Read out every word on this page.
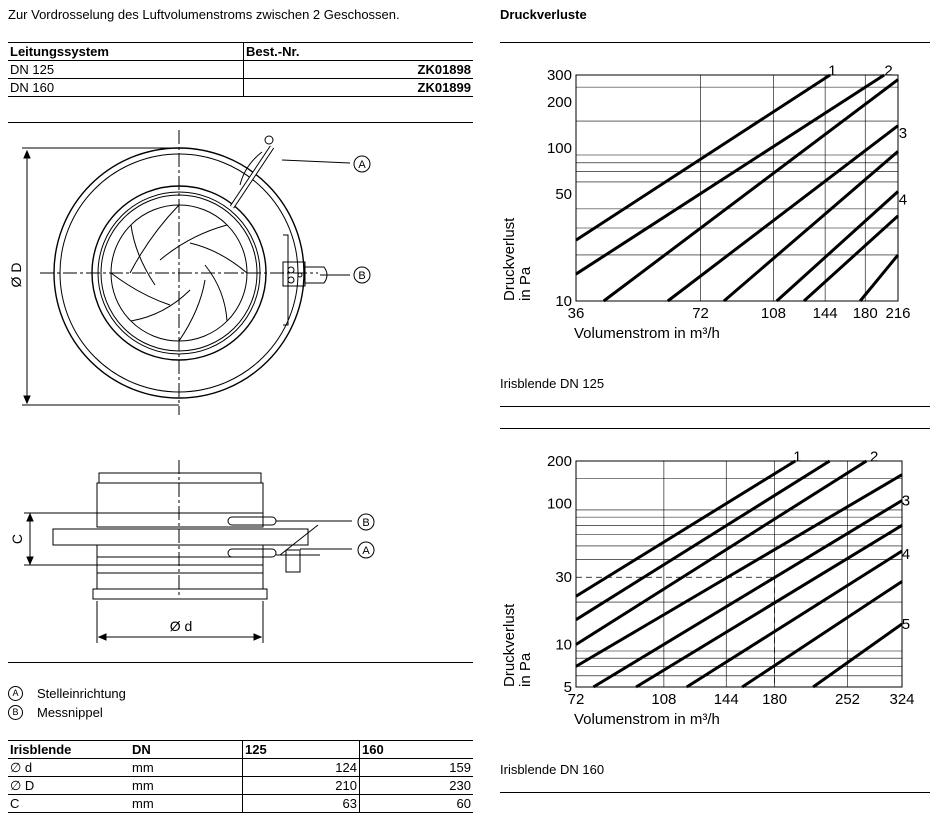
Zur Vordrosselung des Luftvolumenstroms zwischen 2 Geschossen.
Leitungssystem	Best.-Nr.
DN 125	ZK01898
DN 160	ZK01899
A
B
B
A
Ø D
C
Ø d
A	Stelleinrichtung
B	Messnippel
Irisblende	DN	125	160
∅ d	mm	124	159
∅ D	mm	210	230
C	mm	63	60
Druckverluste
1	2
3
4
36	72	108 144 180 216
10
50
100
200
300
Volumenstrom in m³/h
Druckverlust in Pa
Irisblende DN 125
1	2
3
4
5
72	108 144 180	252 324
5
10
30
100
200
Volumenstrom in m³/h
Druckverlust in Pa
Irisblende DN 160
